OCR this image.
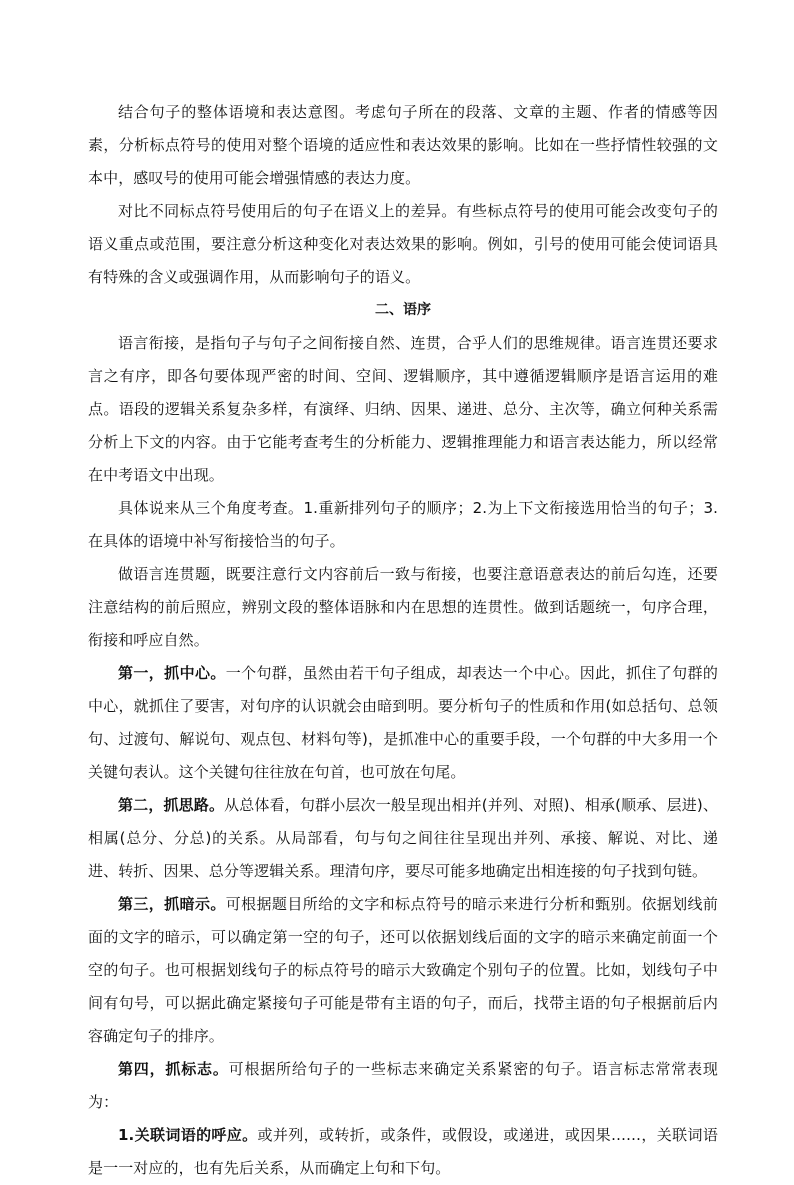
结合句子的整体语境和表达意图。考虑句子所在的段落、文章的主题、作者的情感等因素，分析标点符号的使用对整个语境的适应性和表达效果的影响。比如在一些抒情性较强的文本中，感叹号的使用可能会增强情感的表达力度。

对比不同标点符号使用后的句子在语义上的差异。有些标点符号的使用可能会改变句子的语义重点或范围，要注意分析这种变化对表达效果的影响。例如，引号的使用可能会使词语具有特殊的含义或强调作用，从而影响句子的语义。

二、语序

语言衔接，是指句子与句子之间衔接自然、连贯，合乎人们的思维规律。语言连贯还要求言之有序，即各句要体现严密的时间、空间、逻辑顺序，其中遵循逻辑顺序是语言运用的难点。语段的逻辑关系复杂多样，有演绎、归纳、因果、递进、总分、主次等，确立何种关系需分析上下文的内容。由于它能考查考生的分析能力、逻辑推理能力和语言表达能力，所以经常在中考语文中出现。

具体说来从三个角度考查。1.重新排列句子的顺序；2.为上下文衔接选用恰当的句子；3.在具体的语境中补写衔接恰当的句子。

做语言连贯题，既要注意行文内容前后一致与衔接，也要注意语意表达的前后勾连，还要注意结构的前后照应，辨别文段的整体语脉和内在思想的连贯性。做到话题统一，句序合理，衔接和呼应自然。

第一，抓中心。一个句群，虽然由若干句子组成，却表达一个中心。因此，抓住了句群的中心，就抓住了要害，对句序的认识就会由暗到明。要分析句子的性质和作用(如总括句、总领句、过渡句、解说句、观点包、材料句等)，是抓准中心的重要手段，一个句群的中大多用一个关键句表认。这个关键句往往放在句首，也可放在句尾。

第二，抓思路。从总体看，句群小层次一般呈现出相并(并列、对照)、相承(顺承、层进)、相属(总分、分总)的关系。从局部看，句与句之间往往呈现出并列、承接、解说、对比、递进、转折、因果、总分等逻辑关系。理清句序，要尽可能多地确定出相连接的句子找到句链。

第三，抓暗示。可根据题目所给的文字和标点符号的暗示来进行分析和甄别。依据划线前面的文字的暗示，可以确定第一空的句子，还可以依据划线后面的文字的暗示来确定前面一个空的句子。也可根据划线句子的标点符号的暗示大致确定个别句子的位置。比如，划线句子中间有句号，可以据此确定紧接句子可能是带有主语的句子，而后，找带主语的句子根据前后内容确定句子的排序。

第四，抓标志。可根据所给句子的一些标志来确定关系紧密的句子。语言标志常常表现为：

1.关联词语的呼应。或并列，或转折，或条件，或假设，或递进，或因果……，关联词语是一一对应的，也有先后关系，从而确定上句和下句。
